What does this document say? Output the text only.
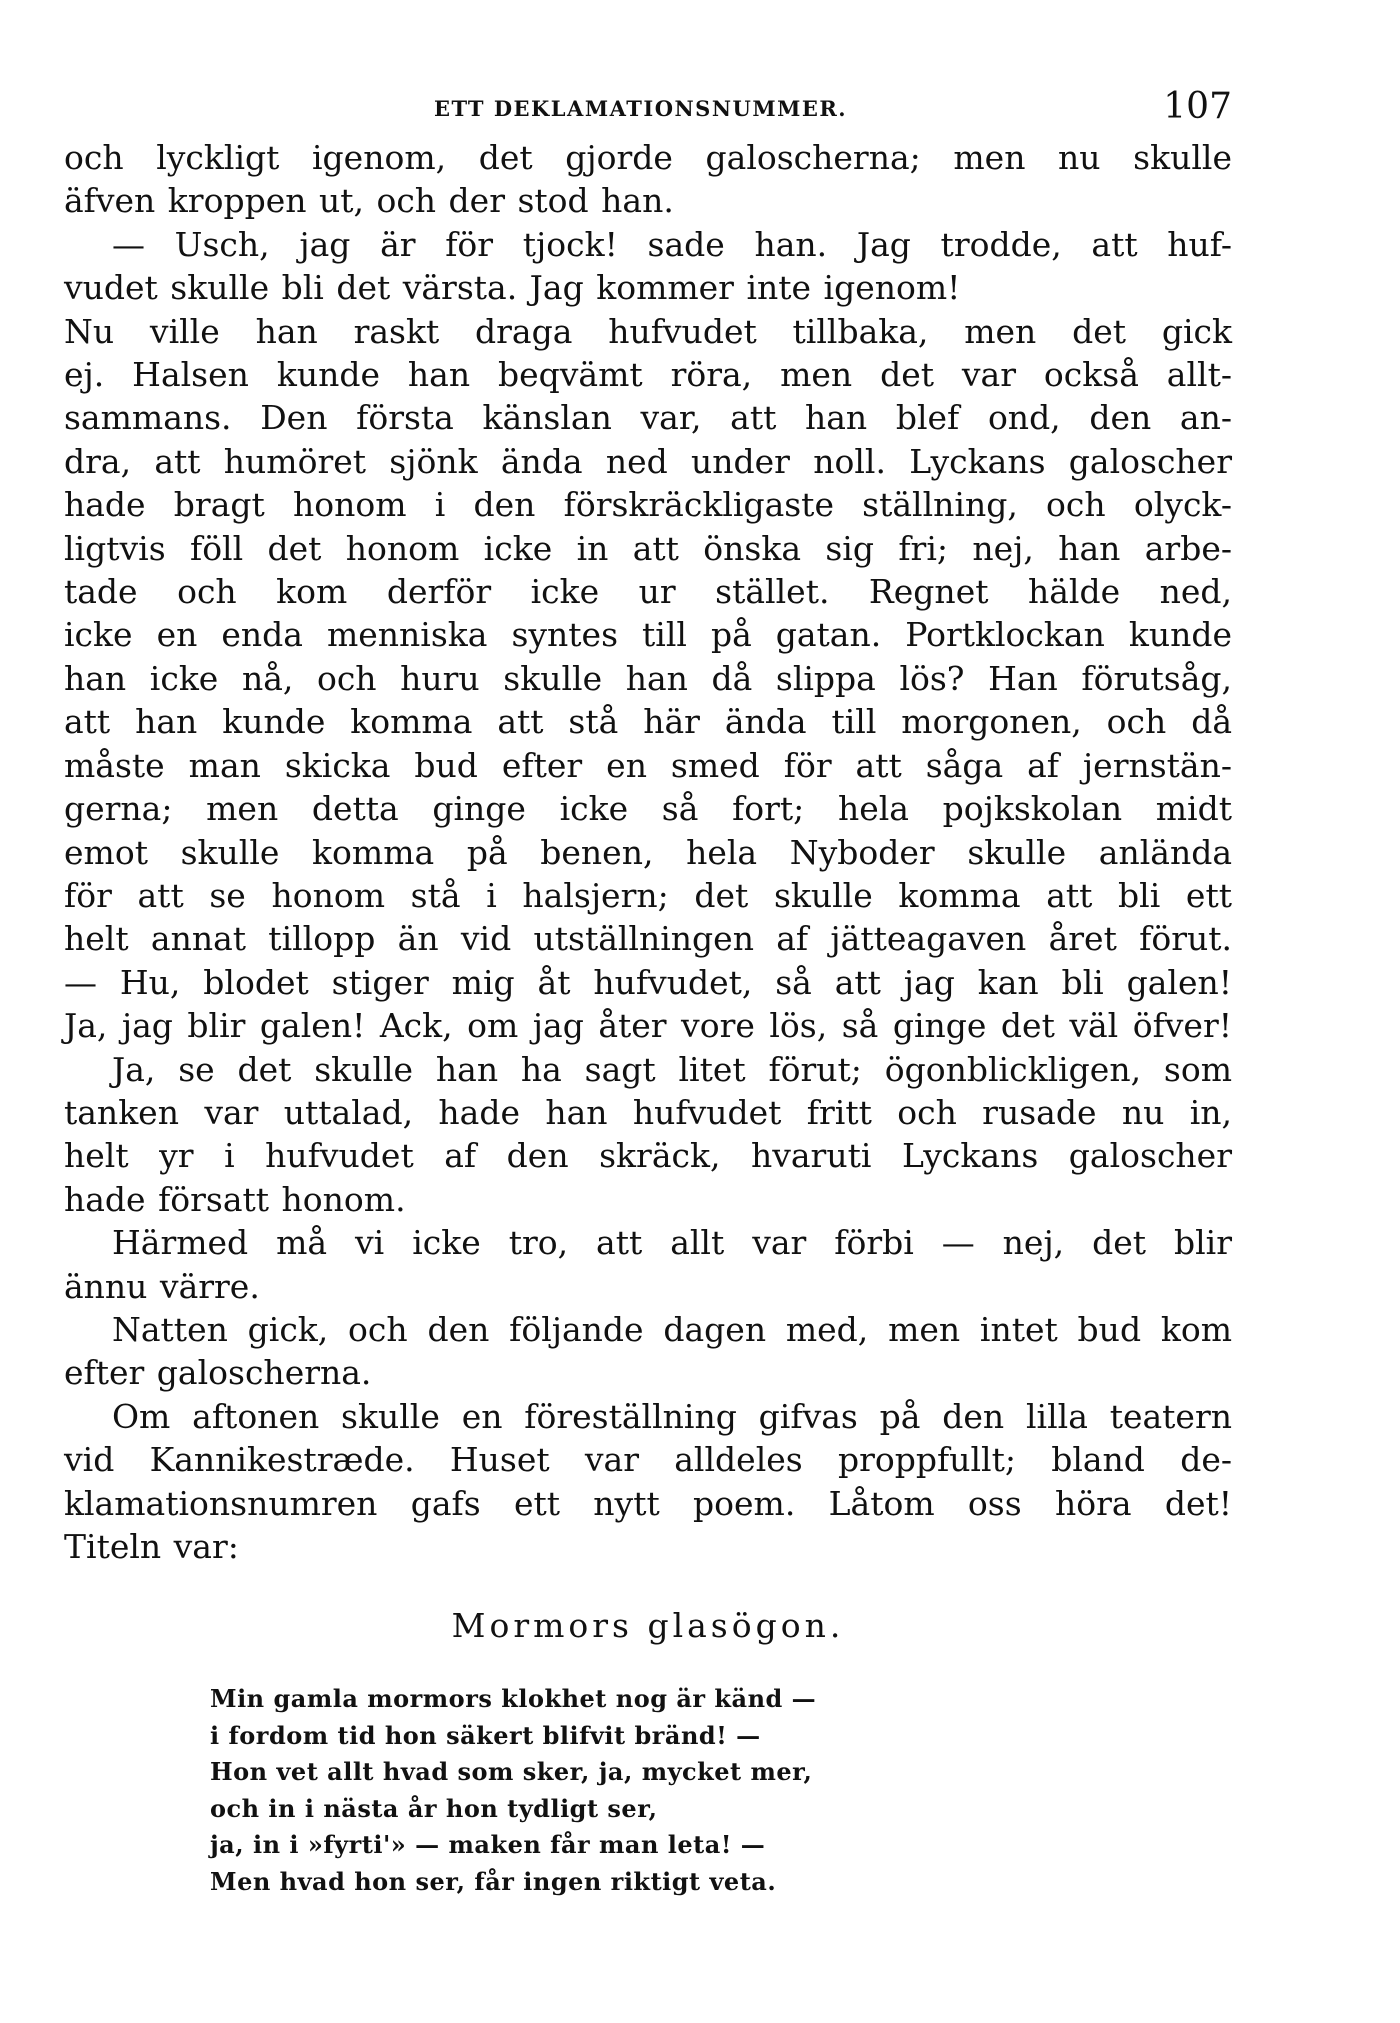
ETT DEKLAMATIONSNUMMER.	107
och lyckligt igenom, det gjorde galoscherna; men nu skulle
äfven kroppen ut, och der stod han.
— Usch, jag är för tjock! sade han. Jag trodde, att huf-
vudet skulle bli det värsta. Jag kommer inte igenom!
Nu ville han raskt draga hufvudet tillbaka, men det gick
ej. Halsen kunde han beqvämt röra, men det var också allt-
sammans. Den första känslan var, att han blef ond, den an-
dra, att humöret sjönk ända ned under noll. Lyckans galoscher
hade bragt honom i den förskräckligaste ställning, och olyck-
ligtvis föll det honom icke in att önska sig fri; nej, han arbe-
tade och kom derför icke ur stället. Regnet hälde ned,
icke en enda menniska syntes till på gatan. Portklockan kunde
han icke nå, och huru skulle han då slippa lös? Han förutsåg,
att han kunde komma att stå här ända till morgonen, och då
måste man skicka bud efter en smed för att såga af jernstän-
gerna; men detta ginge icke så fort; hela pojkskolan midt
emot skulle komma på benen, hela Nyboder skulle anlända
för att se honom stå i halsjern; det skulle komma att bli ett
helt annat tillopp än vid utställningen af jätteagaven året förut.
— Hu, blodet stiger mig åt hufvudet, så att jag kan bli galen!
Ja, jag blir galen! Ack, om jag åter vore lös, så ginge det väl öfver!
Ja, se det skulle han ha sagt litet förut; ögonblickligen, som
tanken var uttalad, hade han hufvudet fritt och rusade nu in,
helt yr i hufvudet af den skräck, hvaruti Lyckans galoscher
hade försatt honom.
Härmed må vi icke tro, att allt var förbi — nej, det blir
ännu värre.
Natten gick, och den följande dagen med, men intet bud kom
efter galoscherna.
Om aftonen skulle en föreställning gifvas på den lilla teatern
vid Kannikestræde. Huset var alldeles proppfullt; bland de-
klamationsnumren gafs ett nytt poem. Låtom oss höra det!
Titeln var:
Mormors glasögon.
Min gamla mormors klokhet nog är känd —
i fordom tid hon säkert blifvit bränd! —
Hon vet allt hvad som sker, ja, mycket mer,
och in i nästa år hon tydligt ser,
ja, in i »fyrti'» — maken får man leta! —
Men hvad hon ser, får ingen riktigt veta.
